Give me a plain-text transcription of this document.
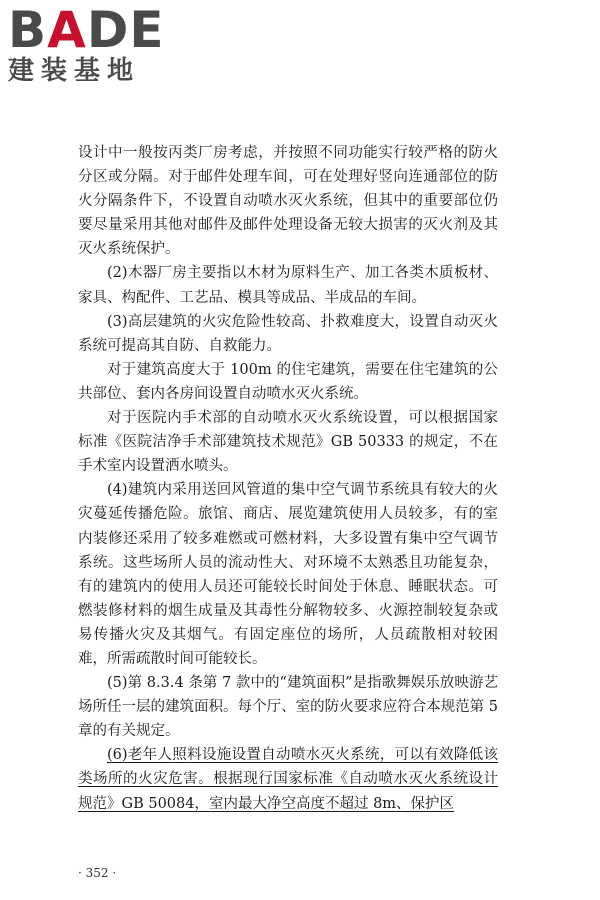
BADE
建装基地

设计中一般按丙类厂房考虑，并按照不同功能实行较严格的防火分区或分隔。对于邮件处理车间，可在处理好竖向连通部位的防火分隔条件下，不设置自动喷水灭火系统，但其中的重要部位仍要尽量采用其他对邮件及邮件处理设备无较大损害的灭火剂及其灭火系统保护。

(2)木器厂房主要指以木材为原料生产、加工各类木质板材、家具、构配件、工艺品、模具等成品、半成品的车间。

(3)高层建筑的火灾危险性较高、扑救难度大，设置自动灭火系统可提高其自防、自救能力。

对于建筑高度大于 100m 的住宅建筑，需要在住宅建筑的公共部位、套内各房间设置自动喷水灭火系统。

对于医院内手术部的自动喷水灭火系统设置，可以根据国家标准《医院洁净手术部建筑技术规范》GB 50333 的规定，不在手术室内设置洒水喷头。

(4)建筑内采用送回风管道的集中空气调节系统具有较大的火灾蔓延传播危险。旅馆、商店、展览建筑使用人员较多，有的室内装修还采用了较多难燃或可燃材料，大多设置有集中空气调节系统。这些场所人员的流动性大、对环境不太熟悉且功能复杂，有的建筑内的使用人员还可能较长时间处于休息、睡眠状态。可燃装修材料的烟生成量及其毒性分解物较多、火源控制较复杂或易传播火灾及其烟气。有固定座位的场所，人员疏散相对较困难，所需疏散时间可能较长。

(5)第 8.3.4 条第 7 款中的“建筑面积”是指歌舞娱乐放映游艺场所任一层的建筑面积。每个厅、室的防火要求应符合本规范第 5 章的有关规定。

(6)老年人照料设施设置自动喷水灭火系统，可以有效降低该类场所的火灾危害。根据现行国家标准《自动喷水灭火系统设计规范》GB 50084，室内最大净空高度不超过 8m、保护区

· 352 ·
